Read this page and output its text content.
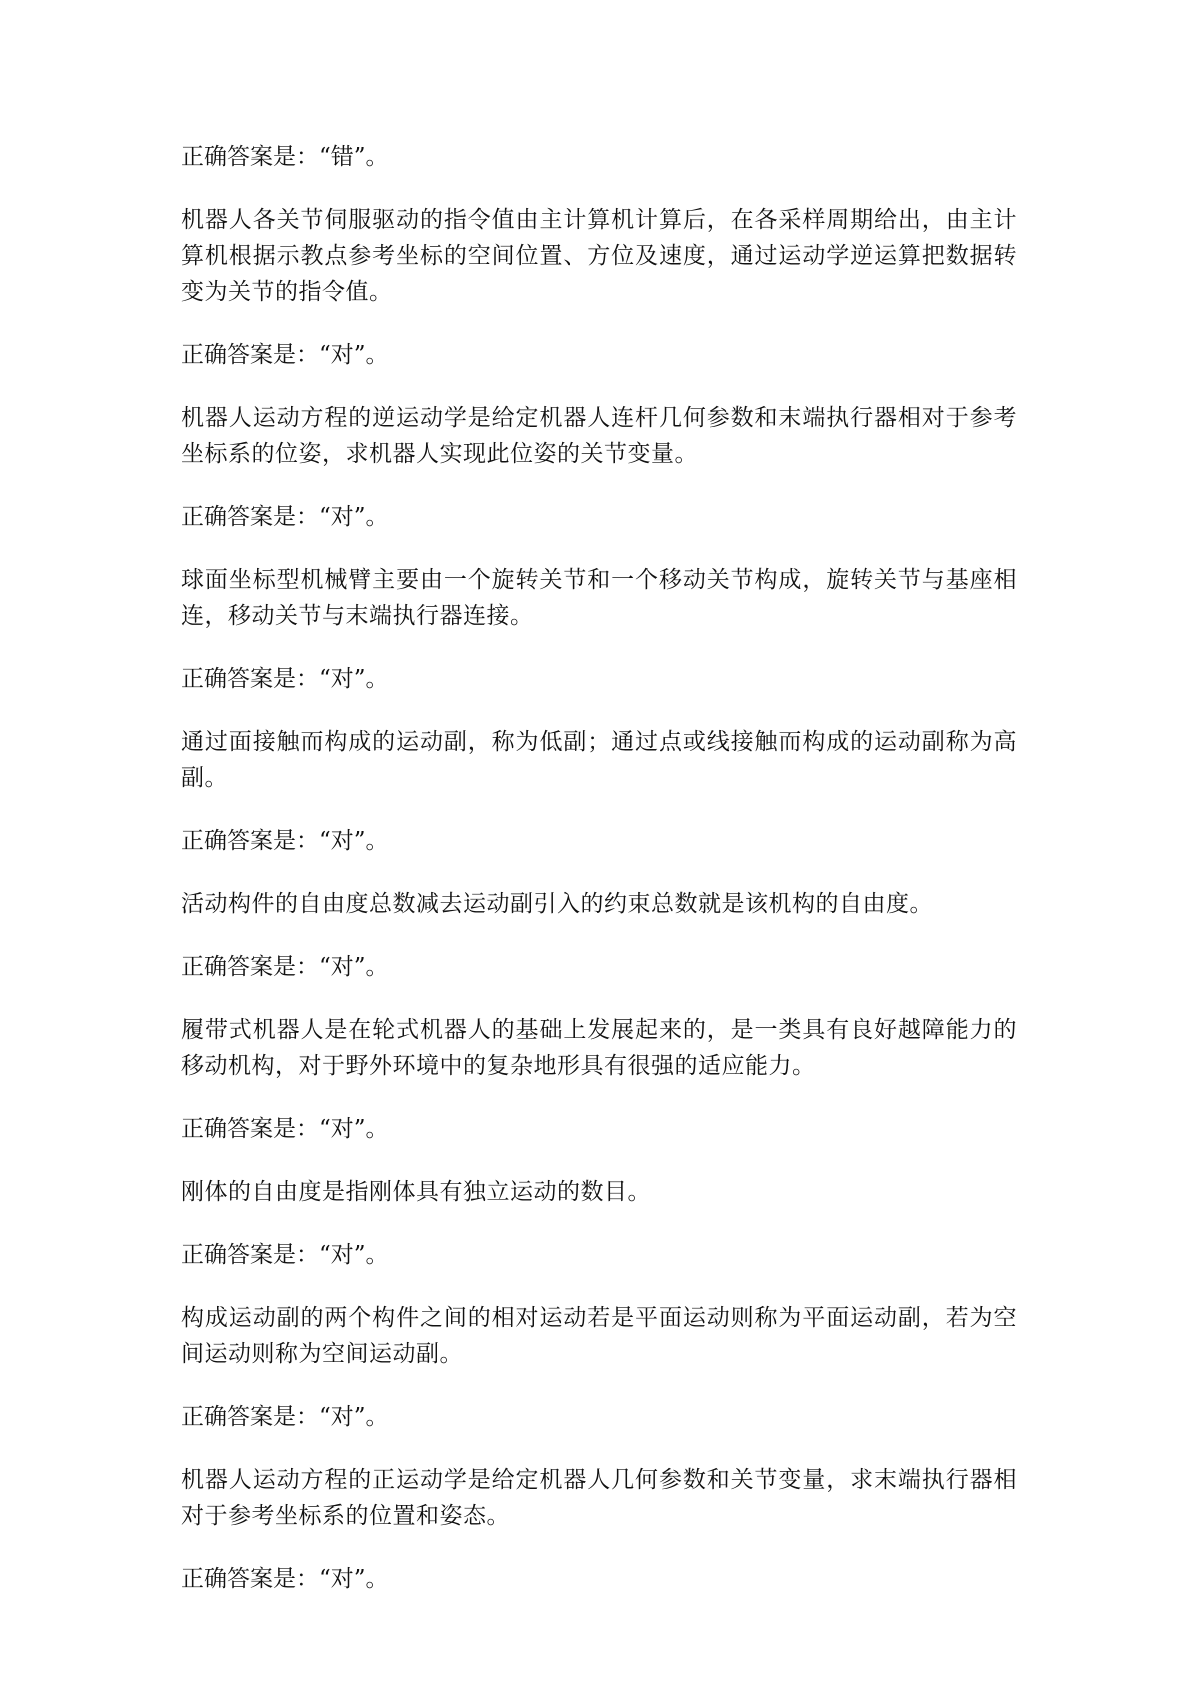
正确答案是：“错”。

机器人各关节伺服驱动的指令值由主计算机计算后，在各采样周期给出，由主计算机根据示教点参考坐标的空间位置、方位及速度，通过运动学逆运算把数据转变为关节的指令值。

正确答案是：“对”。

机器人运动方程的逆运动学是给定机器人连杆几何参数和末端执行器相对于参考坐标系的位姿，求机器人实现此位姿的关节变量。

正确答案是：“对”。

球面坐标型机械臂主要由一个旋转关节和一个移动关节构成，旋转关节与基座相连，移动关节与末端执行器连接。

正确答案是：“对”。

通过面接触而构成的运动副，称为低副；通过点或线接触而构成的运动副称为高副。

正确答案是：“对”。

活动构件的自由度总数减去运动副引入的约束总数就是该机构的自由度。

正确答案是：“对”。

履带式机器人是在轮式机器人的基础上发展起来的，是一类具有良好越障能力的移动机构，对于野外环境中的复杂地形具有很强的适应能力。

正确答案是：“对”。

刚体的自由度是指刚体具有独立运动的数目。

正确答案是：“对”。

构成运动副的两个构件之间的相对运动若是平面运动则称为平面运动副，若为空间运动则称为空间运动副。

正确答案是：“对”。

机器人运动方程的正运动学是给定机器人几何参数和关节变量，求末端执行器相对于参考坐标系的位置和姿态。

正确答案是：“对”。
